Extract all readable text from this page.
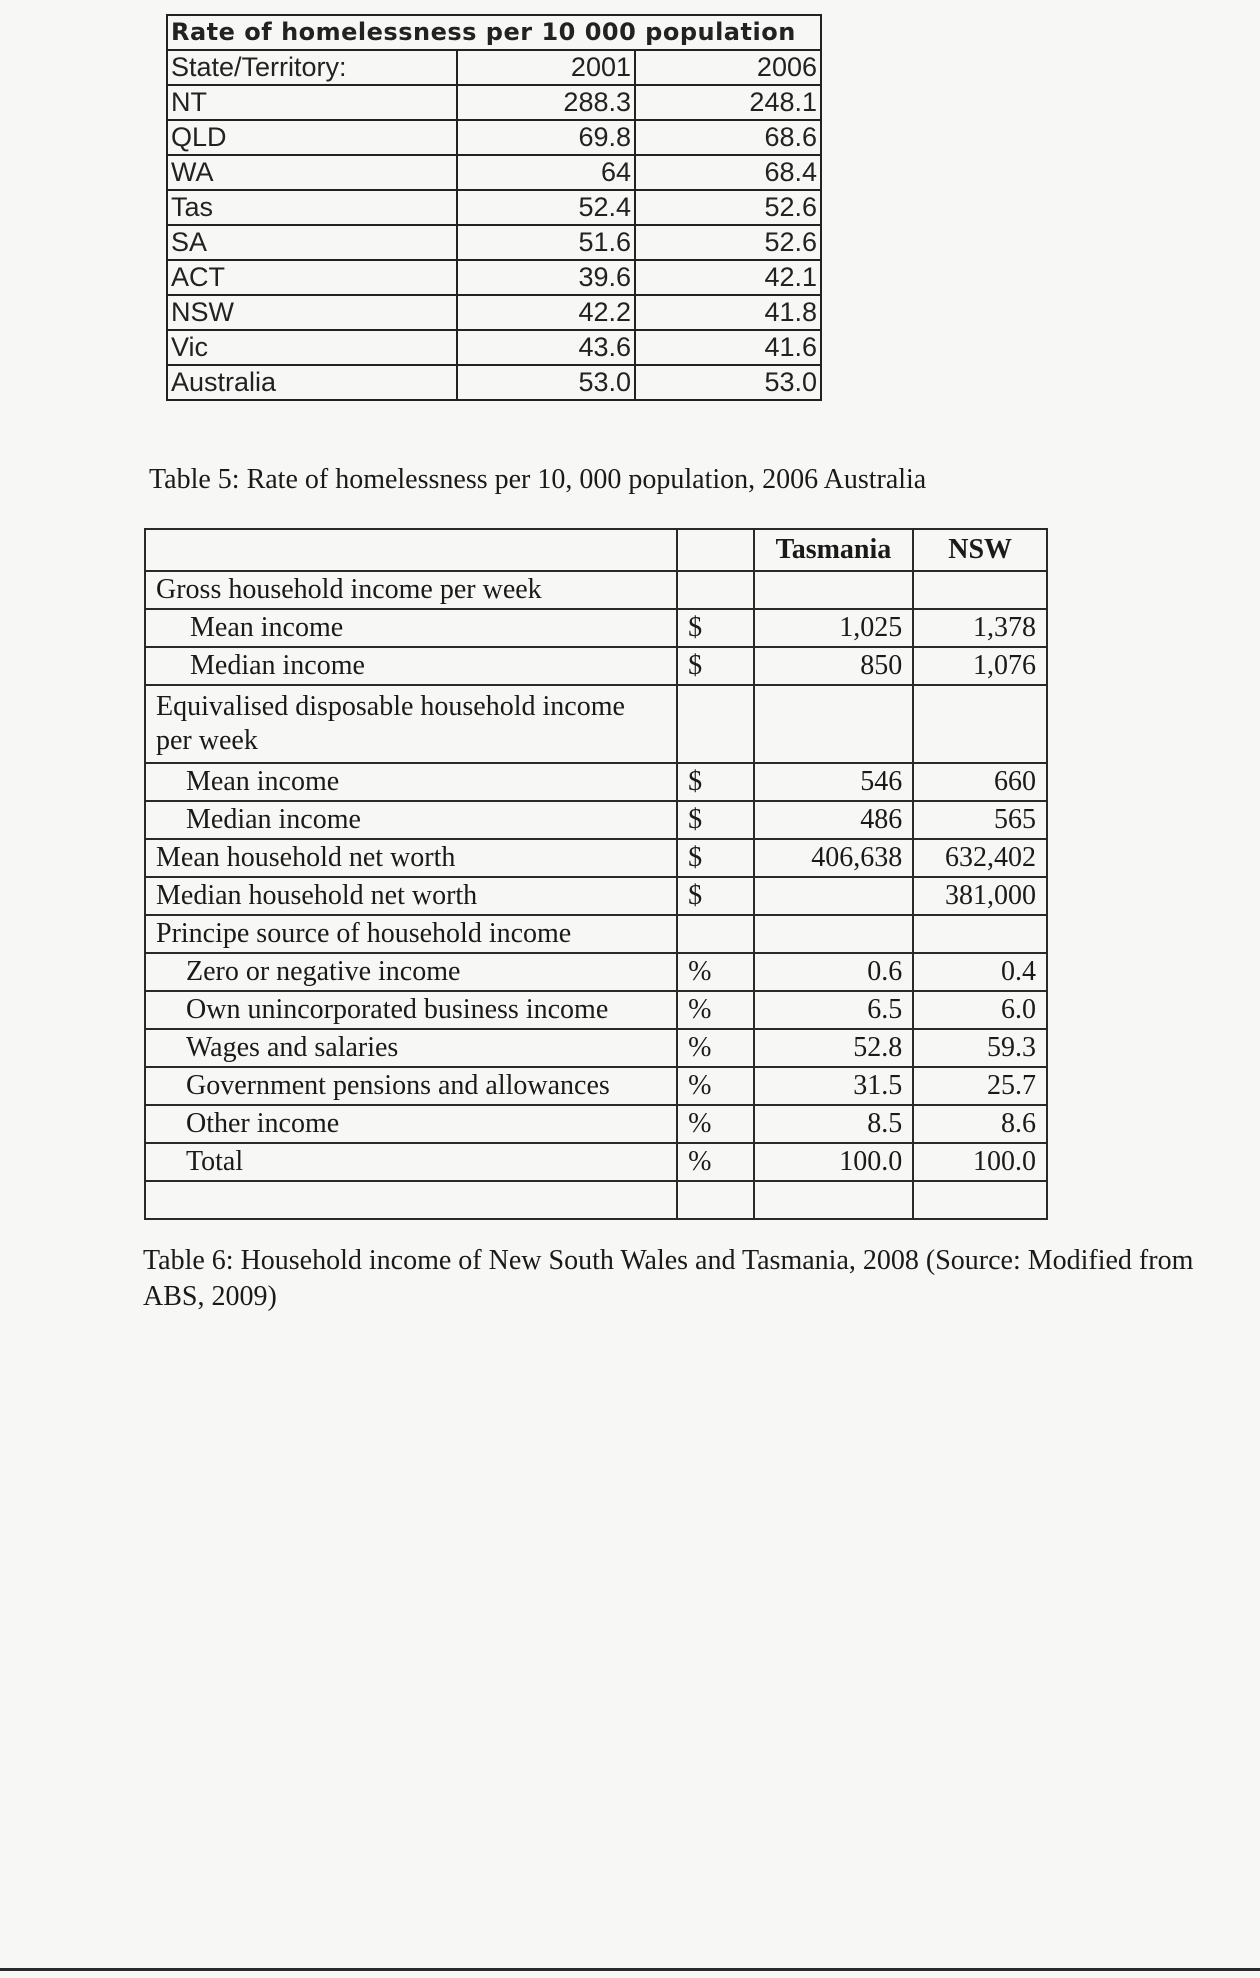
Rate of homelessness per 10 000 population		
State/Territory:	2001	2006
NT	288.3	248.1
QLD	69.8	68.6
WA	64	68.4
Tas	52.4	52.6
SA	51.6	52.6
ACT	39.6	42.1
NSW	42.2	41.8
Vic	43.6	41.6
Australia	53.0	53.0
Table 5: Rate of homelessness per 10, 000 population, 2006 Australia
		Tasmania	NSW
Gross household income per week			
Mean income	$	1,025	1,378
Median income	$	850	1,076
Equivalised disposable household income per week			
Mean income	$	546	660
Median income	$	486	565
Mean household net worth	$	406,638	632,402
Median household net worth	$		381,000
Principe source of household income			
Zero or negative income	%	0.6	0.4
Own unincorporated business income	%	6.5	6.0
Wages and salaries	%	52.8	59.3
Government pensions and allowances	%	31.5	25.7
Other income	%	8.5	8.6
Total	%	100.0	100.0

Table 6: Household income of New South Wales and Tasmania, 2008 (Source: Modified from ABS, 2009)
